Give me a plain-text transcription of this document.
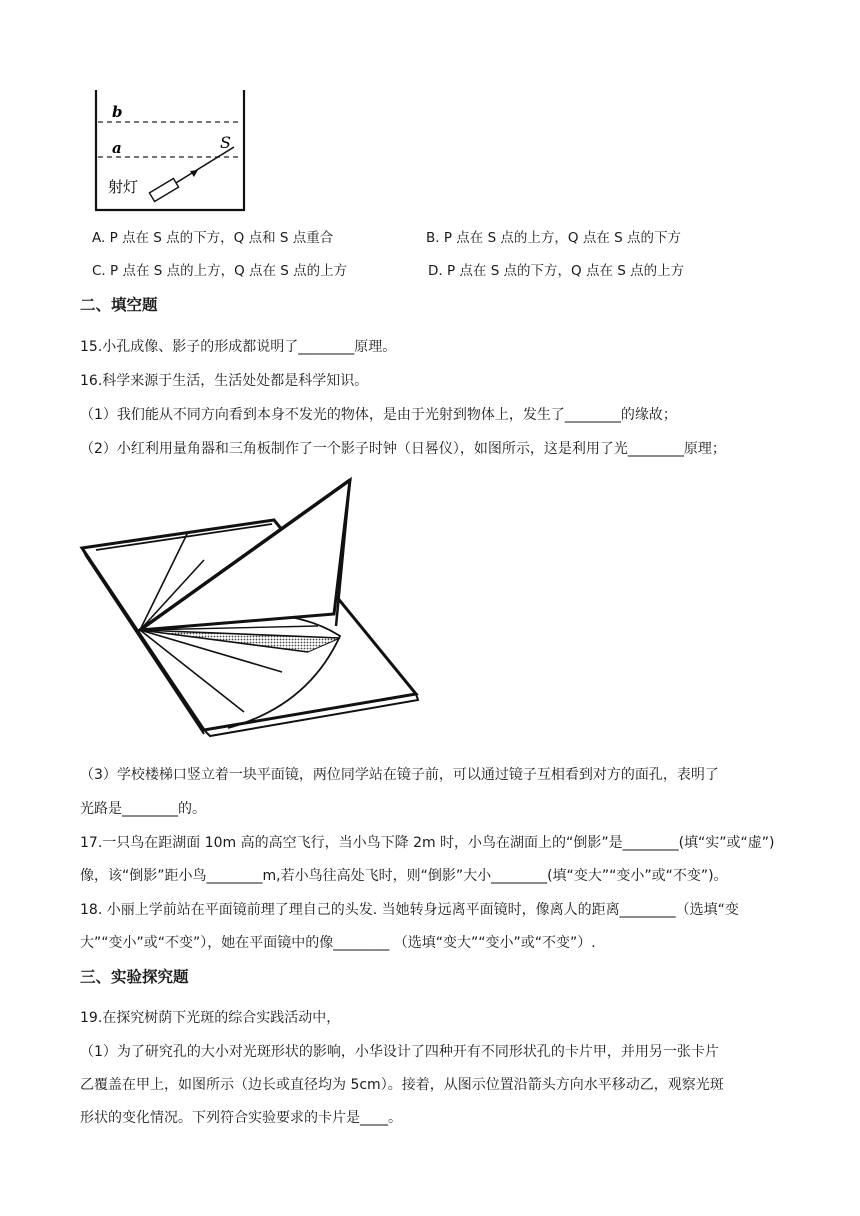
b
a	S
射灯
A. P 点在 S 点的下方，Q 点和 S 点重合	B. P 点在 S 点的上方，Q 点在 S 点的下方
C. P 点在 S 点的上方，Q 点在 S 点的上方	D. P 点在 S 点的下方，Q 点在 S 点的上方
二、填空题
15.小孔成像、影子的形成都说明了________原理。
16.科学来源于生活，生活处处都是科学知识。
（1）我们能从不同方向看到本身不发光的物体，是由于光射到物体上，发生了________的缘故；
（2）小红利用量角器和三角板制作了一个影子时钟（日晷仪），如图所示，这是利用了光________原理；
（3）学校楼梯口竖立着一块平面镜，两位同学站在镜子前，可以通过镜子互相看到对方的面孔，表明了
光路是________的。
17.一只鸟在距湖面 10m 高的高空飞行，当小鸟下降 2m 时，小鸟在湖面上的“倒影”是________(填“实”或“虚”)
像，该“倒影”距小鸟________m,若小鸟往高处飞时，则“倒影”大小________(填“变大”“变小”或“不变”)。
18. 小丽上学前站在平面镜前理了理自己的头发. 当她转身远离平面镜时，像离人的距离________（选填“变
大”“变小”或“不变”），她在平面镜中的像________ （选填“变大”“变小”或“不变”）.
三、实验探究题
19.在探究树荫下光斑的综合实践活动中，
（1）为了研究孔的大小对光斑形状的影响，小华设计了四种开有不同形状孔的卡片甲，并用另一张卡片
乙覆盖在甲上，如图所示（边长或直径均为 5cm）。接着，从图示位置沿箭头方向水平移动乙，观察光斑
形状的变化情况。下列符合实验要求的卡片是____。
